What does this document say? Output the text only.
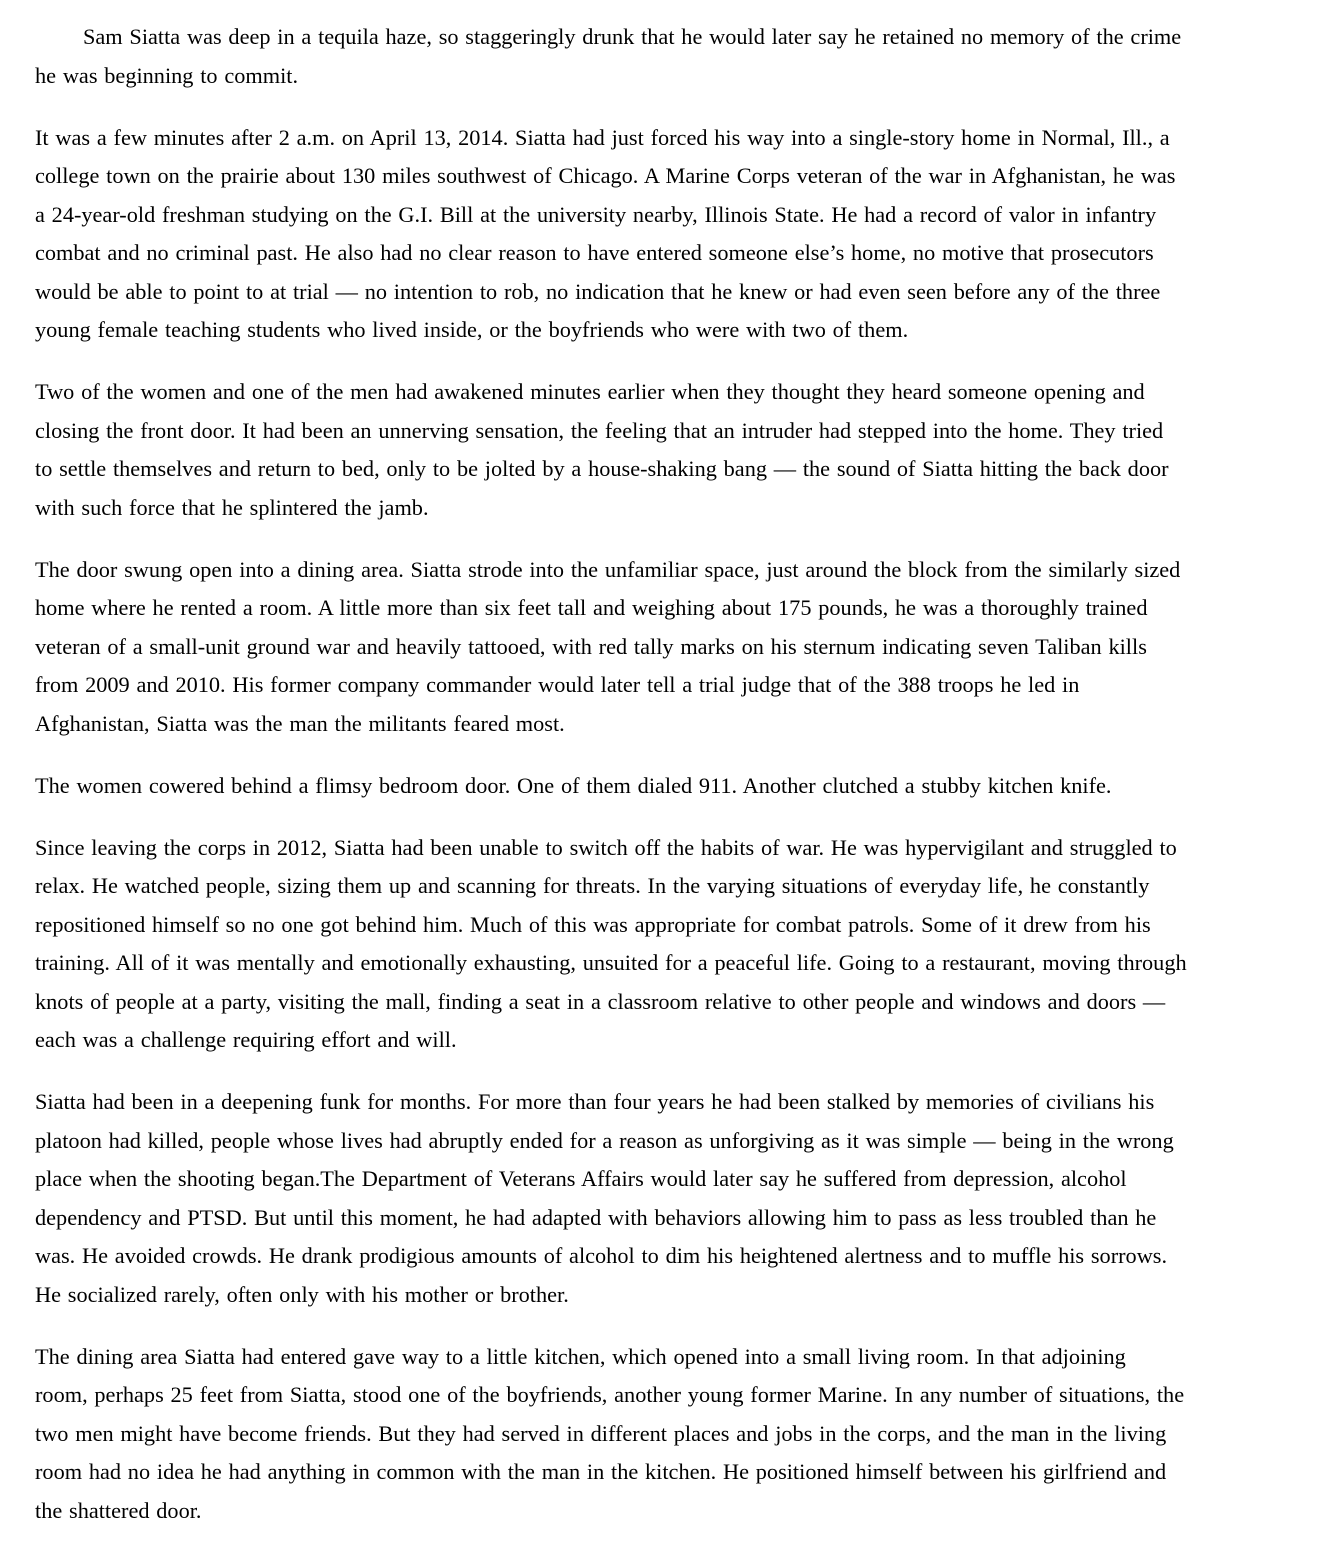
Sam Siatta was deep in a tequila haze, so staggeringly drunk that he would later say he retained no memory of the crime
he was beginning to commit.

It was a few minutes after 2 a.m. on April 13, 2014. Siatta had just forced his way into a single-story home in Normal, Ill., a
college town on the prairie about 130 miles southwest of Chicago. A Marine Corps veteran of the war in Afghanistan, he was
a 24-year-old freshman studying on the G.I. Bill at the university nearby, Illinois State. He had a record of valor in infantry
combat and no criminal past. He also had no clear reason to have entered someone else’s home, no motive that prosecutors
would be able to point to at trial — no intention to rob, no indication that he knew or had even seen before any of the three
young female teaching students who lived inside, or the boyfriends who were with two of them.

Two of the women and one of the men had awakened minutes earlier when they thought they heard someone opening and
closing the front door. It had been an unnerving sensation, the feeling that an intruder had stepped into the home. They tried
to settle themselves and return to bed, only to be jolted by a house-shaking bang — the sound of Siatta hitting the back door
with such force that he splintered the jamb.

The door swung open into a dining area. Siatta strode into the unfamiliar space, just around the block from the similarly sized
home where he rented a room. A little more than six feet tall and weighing about 175 pounds, he was a thoroughly trained
veteran of a small-unit ground war and heavily tattooed, with red tally marks on his sternum indicating seven Taliban kills
from 2009 and 2010. His former company commander would later tell a trial judge that of the 388 troops he led in
Afghanistan, Siatta was the man the militants feared most.

The women cowered behind a flimsy bedroom door. One of them dialed 911. Another clutched a stubby kitchen knife.

Since leaving the corps in 2012, Siatta had been unable to switch off the habits of war. He was hypervigilant and struggled to
relax. He watched people, sizing them up and scanning for threats. In the varying situations of everyday life, he constantly
repositioned himself so no one got behind him. Much of this was appropriate for combat patrols. Some of it drew from his
training. All of it was mentally and emotionally exhausting, unsuited for a peaceful life. Going to a restaurant, moving through
knots of people at a party, visiting the mall, finding a seat in a classroom relative to other people and windows and doors —
each was a challenge requiring effort and will.

Siatta had been in a deepening funk for months. For more than four years he had been stalked by memories of civilians his
platoon had killed, people whose lives had abruptly ended for a reason as unforgiving as it was simple — being in the wrong
place when the shooting began.The Department of Veterans Affairs would later say he suffered from depression, alcohol
dependency and PTSD. But until this moment, he had adapted with behaviors allowing him to pass as less troubled than he
was. He avoided crowds. He drank prodigious amounts of alcohol to dim his heightened alertness and to muffle his sorrows.
He socialized rarely, often only with his mother or brother.

The dining area Siatta had entered gave way to a little kitchen, which opened into a small living room. In that adjoining
room, perhaps 25 feet from Siatta, stood one of the boyfriends, another young former Marine. In any number of situations, the
two men might have become friends. But they had served in different places and jobs in the corps, and the man in the living
room had no idea he had anything in common with the man in the kitchen. He positioned himself between his girlfriend and
the shattered door.
